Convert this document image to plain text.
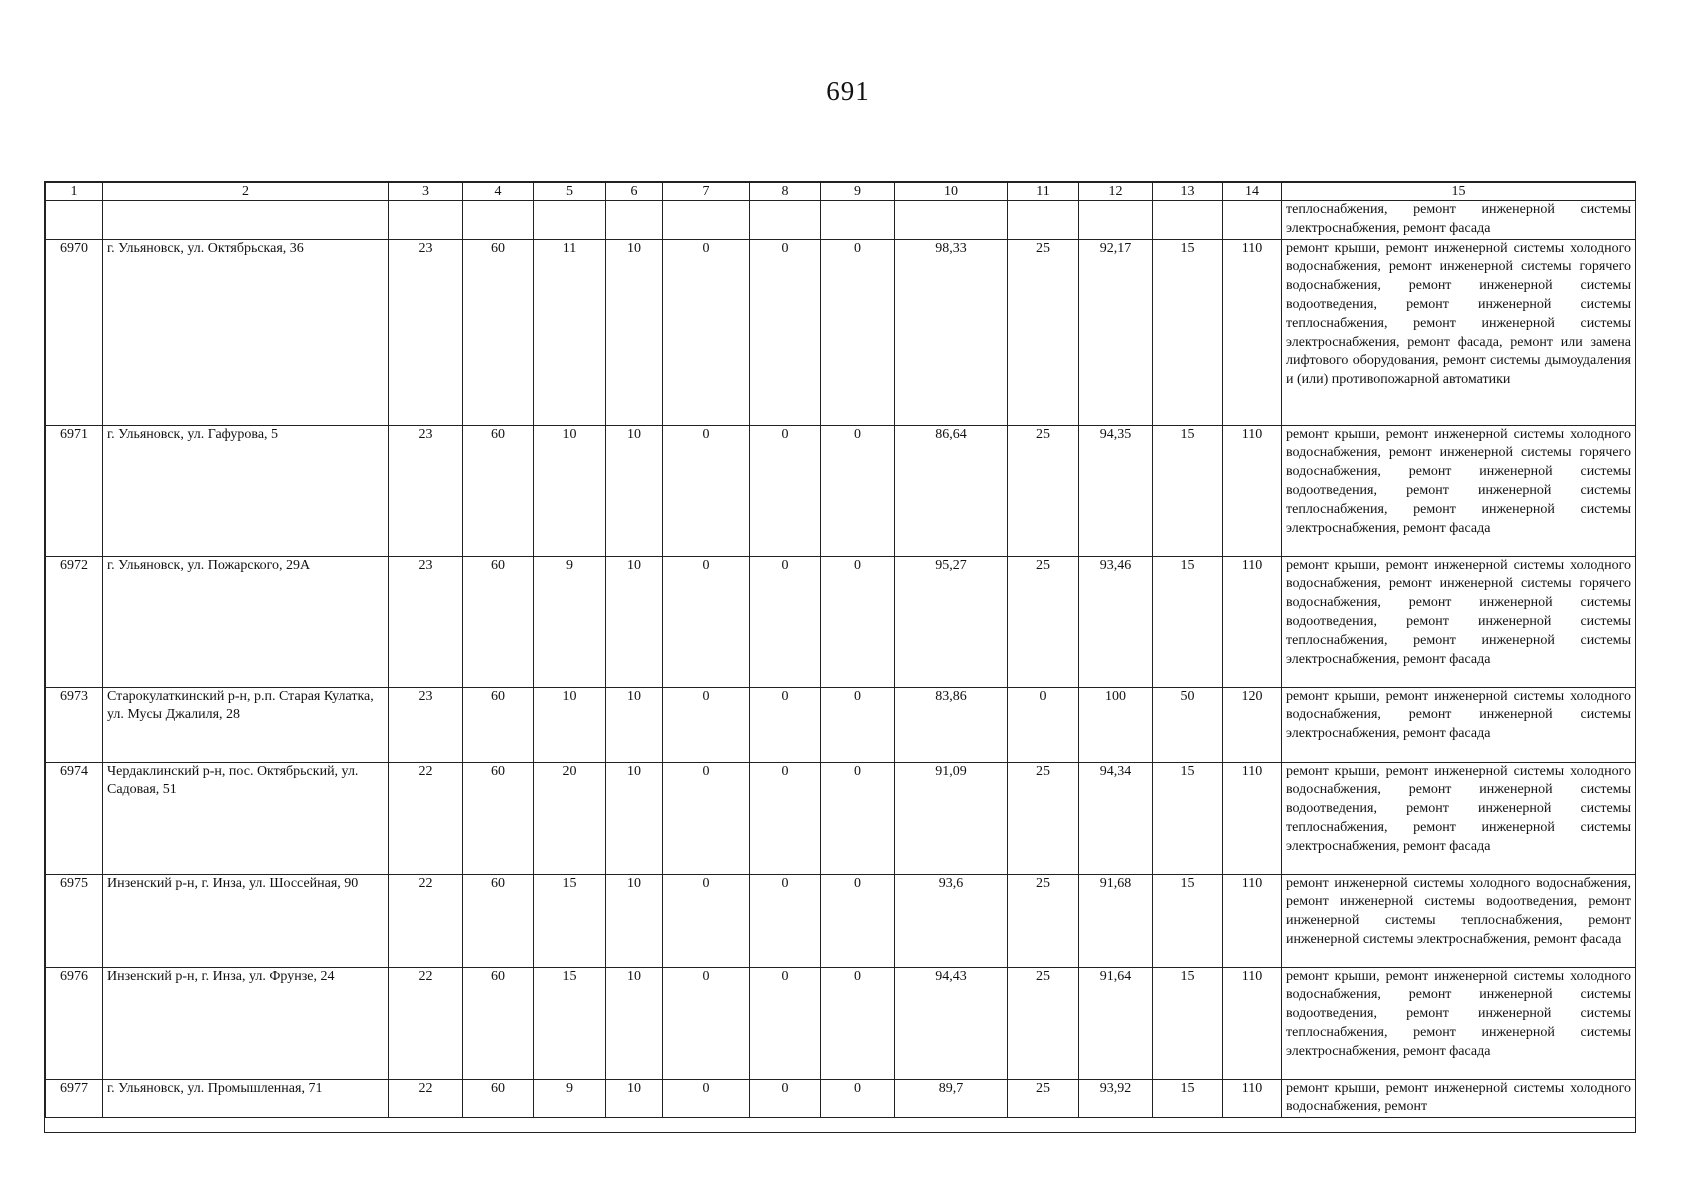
691
1	2	3	4	5	6	7	8	9	10	11	12	13	14	15
														теплоснабжения, ремонт инженерной системы электроснабжения, ремонт фасада
6970	г. Ульяновск, ул. Октябрьская, 36	23	60	11	10	0	0	0	98,33	25	92,17	15	110	ремонт крыши, ремонт инженерной системы холодного водоснабжения, ремонт инженерной системы горячего водоснабжения, ремонт инженерной системы водоотведения, ремонт инженерной системы теплоснабжения, ремонт инженерной системы электроснабжения, ремонт фасада, ремонт или замена лифтового оборудования, ремонт системы дымоудаления и (или) противопожарной автоматики
6971	г. Ульяновск, ул. Гафурова, 5	23	60	10	10	0	0	0	86,64	25	94,35	15	110	ремонт крыши, ремонт инженерной системы холодного водоснабжения, ремонт инженерной системы горячего водоснабжения, ремонт инженерной системы водоотведения, ремонт инженерной системы теплоснабжения, ремонт инженерной системы электроснабжения, ремонт фасада
6972	г. Ульяновск, ул. Пожарского, 29А	23	60	9	10	0	0	0	95,27	25	93,46	15	110	ремонт крыши, ремонт инженерной системы холодного водоснабжения, ремонт инженерной системы горячего водоснабжения, ремонт инженерной системы водоотведения, ремонт инженерной системы теплоснабжения, ремонт инженерной системы электроснабжения, ремонт фасада
6973	Старокулаткинский р-н, р.п. Старая Кулатка, ул. Мусы Джалиля, 28	23	60	10	10	0	0	0	83,86	0	100	50	120	ремонт крыши, ремонт инженерной системы холодного водоснабжения, ремонт инженерной системы электроснабжения, ремонт фасада
6974	Чердаклинский р-н, пос. Октябрьский, ул. Садовая, 51	22	60	20	10	0	0	0	91,09	25	94,34	15	110	ремонт крыши, ремонт инженерной системы холодного водоснабжения, ремонт инженерной системы водоотведения, ремонт инженерной системы теплоснабжения, ремонт инженерной системы электроснабжения, ремонт фасада
6975	Инзенский р-н, г. Инза, ул. Шоссейная, 90	22	60	15	10	0	0	0	93,6	25	91,68	15	110	ремонт инженерной системы холодного водоснабжения, ремонт инженерной системы водоотведения, ремонт инженерной системы теплоснабжения, ремонт инженерной системы электроснабжения, ремонт фасада
6976	Инзенский р-н, г. Инза, ул. Фрунзе, 24	22	60	15	10	0	0	0	94,43	25	91,64	15	110	ремонт крыши, ремонт инженерной системы холодного водоснабжения, ремонт инженерной системы водоотведения, ремонт инженерной системы теплоснабжения, ремонт инженерной системы электроснабжения, ремонт фасада
6977	г. Ульяновск, ул. Промышленная, 71	22	60	9	10	0	0	0	89,7	25	93,92	15	110	ремонт крыши, ремонт инженерной системы холодного водоснабжения, ремонт
